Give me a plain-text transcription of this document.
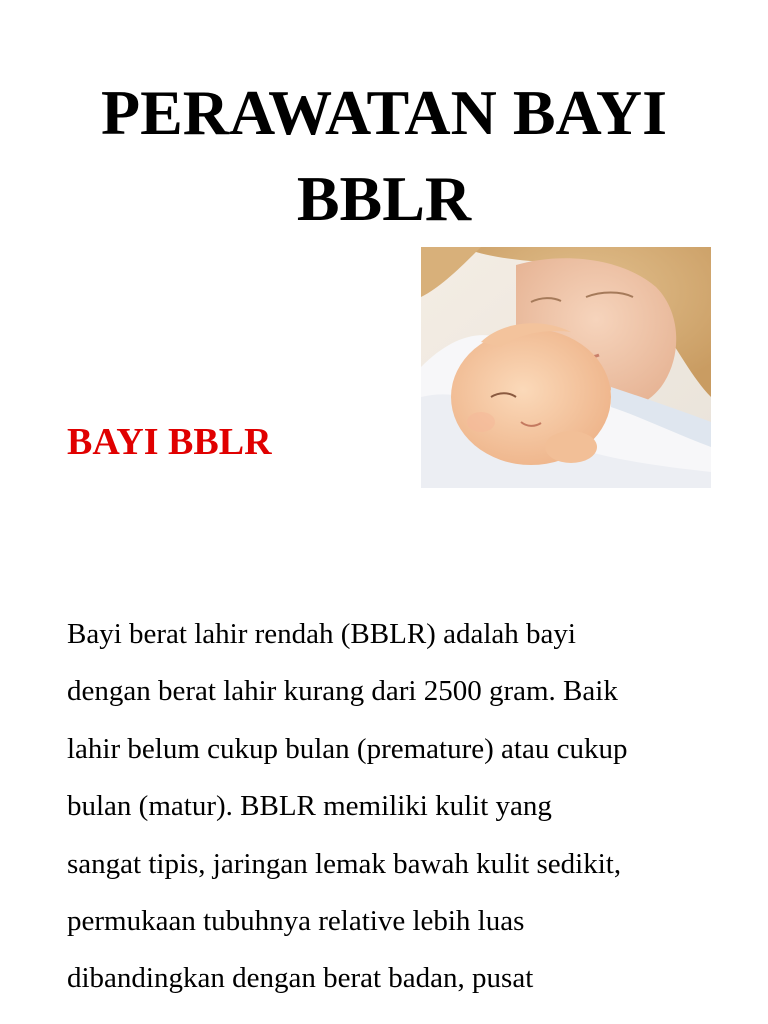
PERAWATAN BAYI
BBLR
BAYI BBLR
Bayi berat lahir rendah (BBLR) adalah bayi
dengan berat lahir kurang dari 2500 gram. Baik
lahir belum cukup bulan (premature) atau cukup
bulan (matur). BBLR memiliki kulit yang
sangat tipis, jaringan lemak bawah kulit sedikit,
permukaan tubuhnya relative lebih luas
dibandingkan dengan berat badan, pusat
